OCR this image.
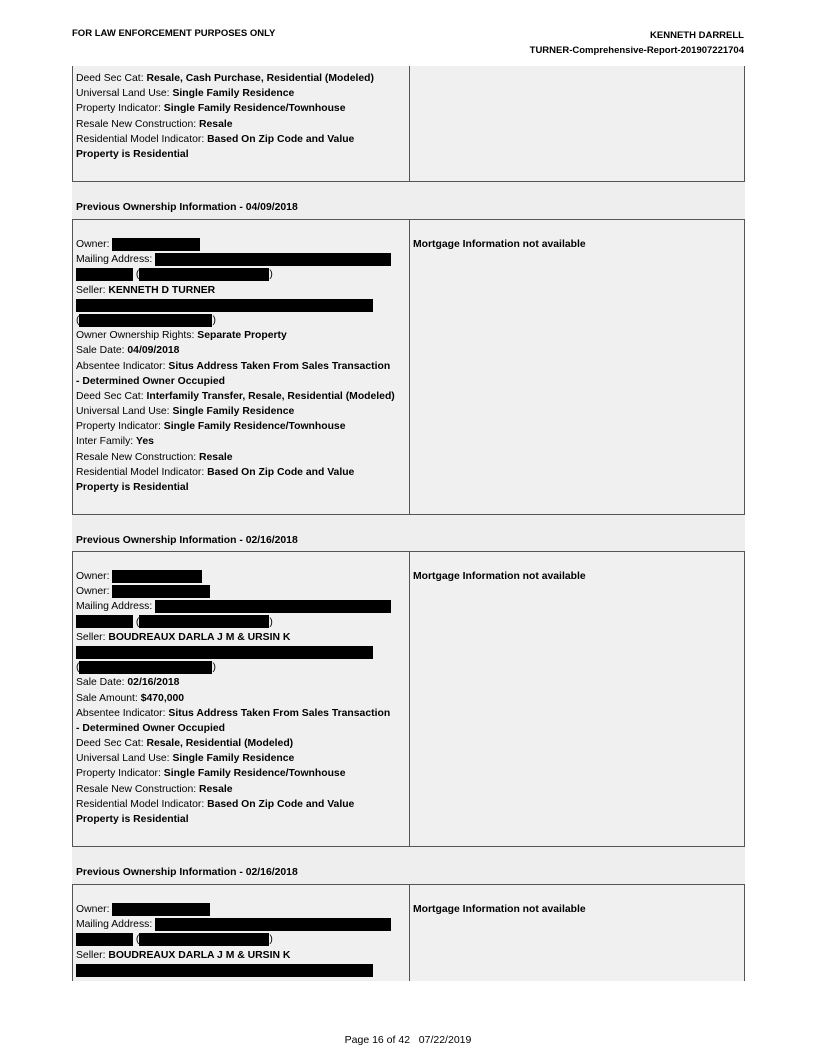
FOR LAW ENFORCEMENT PURPOSES ONLY	KENNETH DARRELL
TURNER-Comprehensive-Report-201907221704
Deed Sec Cat: Resale, Cash Purchase, Residential (Modeled)
Universal Land Use: Single Family Residence
Property Indicator: Single Family Residence/Townhouse
Resale New Construction: Resale
Residential Model Indicator: Based On Zip Code and Value
Property is Residential
Previous Ownership Information - 04/09/2018
Owner:
Mailing Address:
(	)
Seller: KENNETH D TURNER
(	)
Owner Ownership Rights: Separate Property
Sale Date: 04/09/2018
Absentee Indicator: Situs Address Taken From Sales Transaction
- Determined Owner Occupied
Deed Sec Cat: Interfamily Transfer, Resale, Residential (Modeled)
Universal Land Use: Single Family Residence
Property Indicator: Single Family Residence/Townhouse
Inter Family: Yes
Resale New Construction: Resale
Residential Model Indicator: Based On Zip Code and Value
Property is Residential
Mortgage Information not available
Previous Ownership Information - 02/16/2018
Owner:
Owner:
Mailing Address:
(	)
Seller: BOUDREAUX DARLA J M & URSIN K
(	)
Sale Date: 02/16/2018
Sale Amount: $470,000
Absentee Indicator: Situs Address Taken From Sales Transaction
- Determined Owner Occupied
Deed Sec Cat: Resale, Residential (Modeled)
Universal Land Use: Single Family Residence
Property Indicator: Single Family Residence/Townhouse
Resale New Construction: Resale
Residential Model Indicator: Based On Zip Code and Value
Property is Residential
Mortgage Information not available
Previous Ownership Information - 02/16/2018
Owner:
Mailing Address:
(	)
Seller: BOUDREAUX DARLA J M & URSIN K
Mortgage Information not available
Page 16 of 42   07/22/2019
